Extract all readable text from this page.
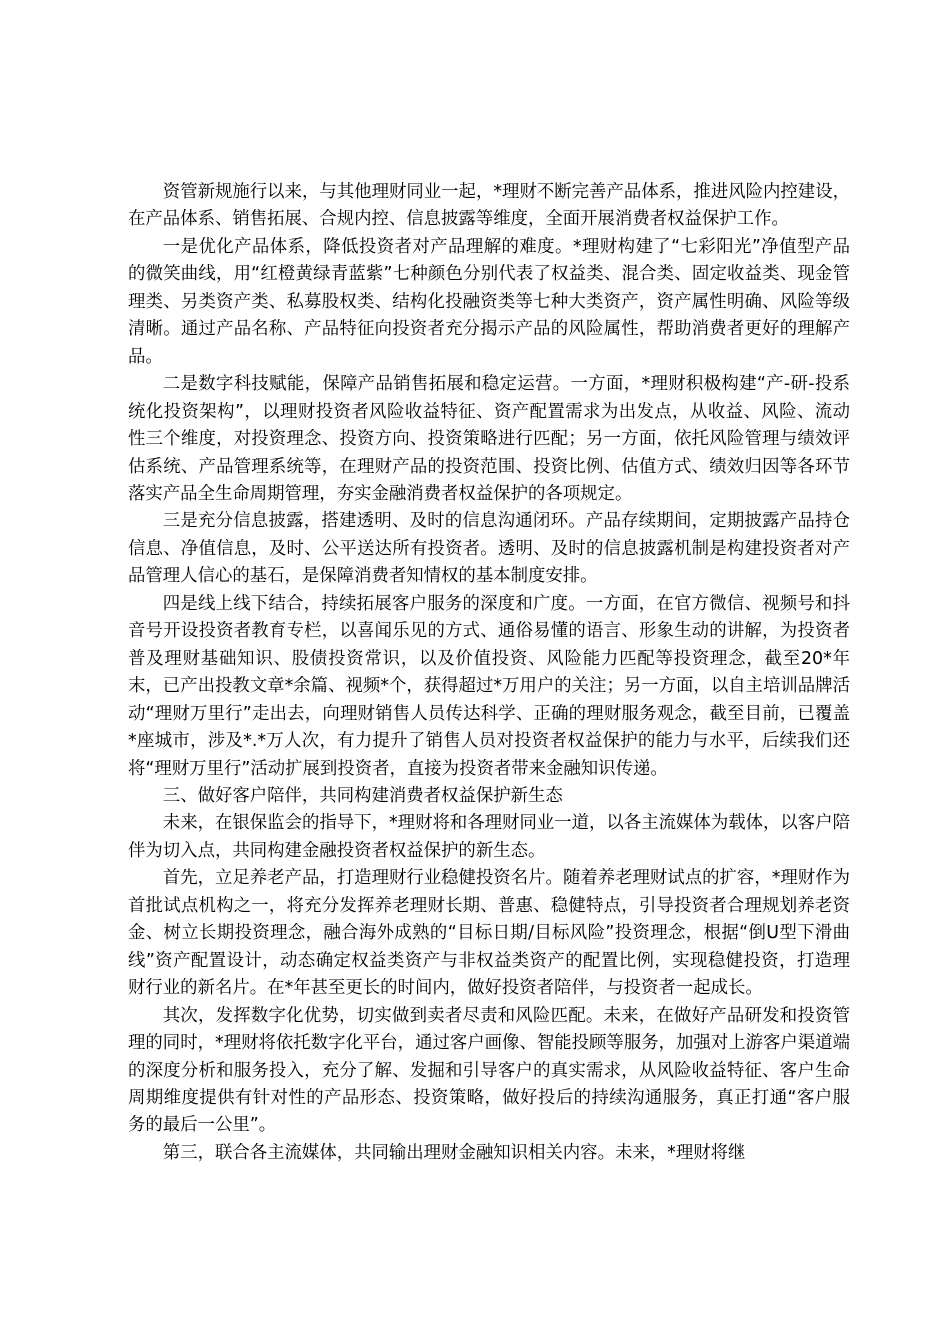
资管新规施行以来，与其他理财同业一起，*理财不断完善产品体系，推进风险内控建设，在产品体系、销售拓展、合规内控、信息披露等维度，全面开展消费者权益保护工作。

一是优化产品体系，降低投资者对产品理解的难度。*理财构建了“七彩阳光”净值型产品的微笑曲线，用“红橙黄绿青蓝紫”七种颜色分别代表了权益类、混合类、固定收益类、现金管理类、另类资产类、私募股权类、结构化投融资类等七种大类资产，资产属性明确、风险等级清晰。通过产品名称、产品特征向投资者充分揭示产品的风险属性，帮助消费者更好的理解产品。

二是数字科技赋能，保障产品销售拓展和稳定运营。一方面，*理财积极构建“产-研-投系统化投资架构”，以理财投资者风险收益特征、资产配置需求为出发点，从收益、风险、流动性三个维度，对投资理念、投资方向、投资策略进行匹配；另一方面，依托风险管理与绩效评估系统、产品管理系统等，在理财产品的投资范围、投资比例、估值方式、绩效归因等各环节落实产品全生命周期管理，夯实金融消费者权益保护的各项规定。

三是充分信息披露，搭建透明、及时的信息沟通闭环。产品存续期间，定期披露产品持仓信息、净值信息，及时、公平送达所有投资者。透明、及时的信息披露机制是构建投资者对产品管理人信心的基石，是保障消费者知情权的基本制度安排。

四是线上线下结合，持续拓展客户服务的深度和广度。一方面，在官方微信、视频号和抖音号开设投资者教育专栏，以喜闻乐见的方式、通俗易懂的语言、形象生动的讲解，为投资者普及理财基础知识、股债投资常识，以及价值投资、风险能力匹配等投资理念，截至20*年末，已产出投教文章*余篇、视频*个，获得超过*万用户的关注；另一方面，以自主培训品牌活动“理财万里行”走出去，向理财销售人员传达科学、正确的理财服务观念，截至目前，已覆盖*座城市，涉及*.*万人次，有力提升了销售人员对投资者权益保护的能力与水平，后续我们还将“理财万里行”活动扩展到投资者，直接为投资者带来金融知识传递。

三、做好客户陪伴，共同构建消费者权益保护新生态

未来，在银保监会的指导下，*理财将和各理财同业一道，以各主流媒体为载体，以客户陪伴为切入点，共同构建金融投资者权益保护的新生态。

首先，立足养老产品，打造理财行业稳健投资名片。随着养老理财试点的扩容，*理财作为首批试点机构之一，将充分发挥养老理财长期、普惠、稳健特点，引导投资者合理规划养老资金、树立长期投资理念，融合海外成熟的“目标日期/目标风险”投资理念，根据“倒U型下滑曲线”资产配置设计，动态确定权益类资产与非权益类资产的配置比例，实现稳健投资，打造理财行业的新名片。在*年甚至更长的时间内，做好投资者陪伴，与投资者一起成长。

其次，发挥数字化优势，切实做到卖者尽责和风险匹配。未来，在做好产品研发和投资管理的同时，*理财将依托数字化平台，通过客户画像、智能投顾等服务，加强对上游客户渠道端的深度分析和服务投入，充分了解、发掘和引导客户的真实需求，从风险收益特征、客户生命周期维度提供有针对性的产品形态、投资策略，做好投后的持续沟通服务，真正打通“客户服务的最后一公里”。

第三，联合各主流媒体，共同输出理财金融知识相关内容。未来，*理财将继
